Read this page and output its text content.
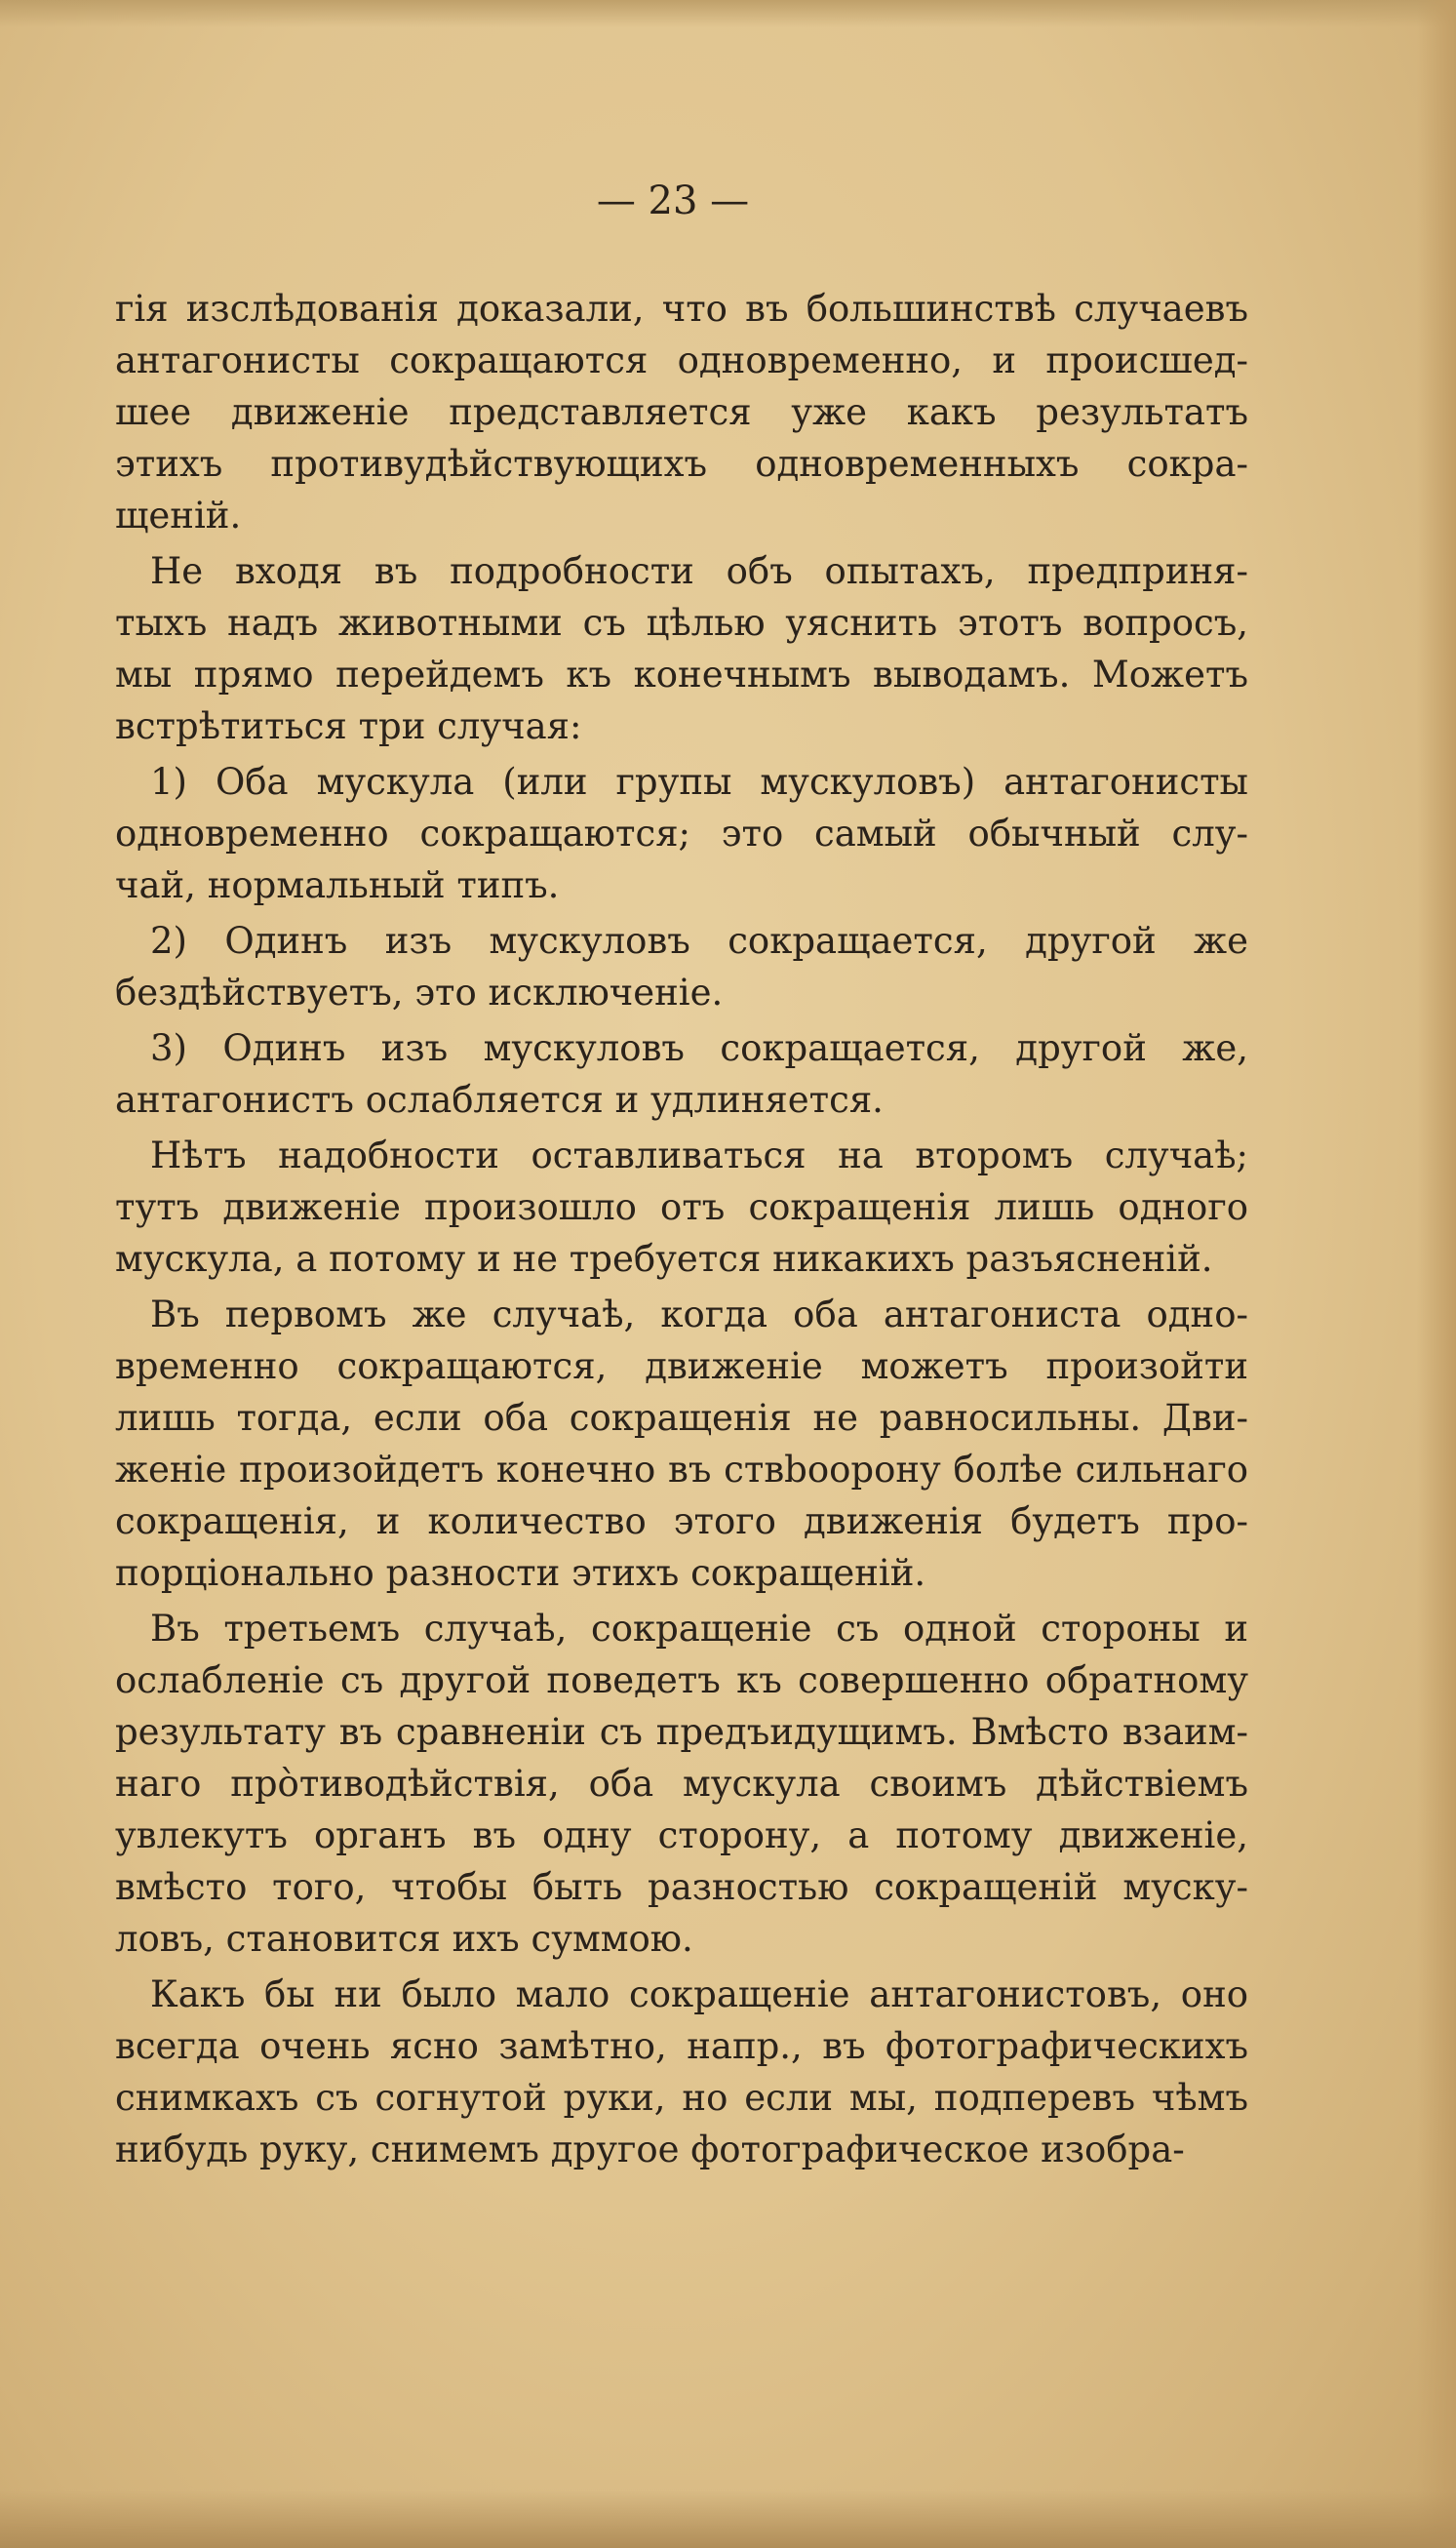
— 23 —
гія изслѣдованія доказали, что въ большинствѣ случаевъ
антагонисты сокращаются одновременно, и происшед-
шее движеніе представляется уже какъ результатъ
этихъ противудѣйствующихъ одновременныхъ сокра-
щеній.
Не входя въ подробности объ опытахъ, предприня-
тыхъ надъ животными съ цѣлью уяснить этотъ вопросъ,
мы прямо перейдемъ къ конечнымъ выводамъ. Можетъ
встрѣтиться три случая:
1) Оба мускула (или групы мускуловъ) антагонисты
одновременно сокращаются; это самый обычный слу-
чай, нормальный типъ.
2) Одинъ изъ мускуловъ сокращается, другой же
бездѣйствуетъ, это исключеніе.
3) Одинъ изъ мускуловъ сокращается, другой же,
антагонистъ ослабляется и удлиняется.
Нѣтъ надобности оставливаться на второмъ случаѣ;
тутъ движеніе произошло отъ сокращенія лишь одного
мускула, а потому и не требуется никакихъ разъясненій.
Въ первомъ же случаѣ, когда оба антагониста одно-
временно сокращаются, движеніе можетъ произойти
лишь тогда, если оба сокращенія не равносильны. Дви-
женіе произойдетъ конечно въ ствbooрону болѣе сильнаго
сокращенія, и количество этого движенія будетъ про-
порціонально разности этихъ сокращеній.
Въ третьемъ случаѣ, сокращеніе съ одной стороны и
ослабленіе съ другой поведетъ къ совершенно обратному
результату въ сравненіи съ предъидущимъ. Вмѣсто взаим-
наго прòтиводѣйствія, оба мускула своимъ дѣйствіемъ
увлекутъ органъ въ одну сторону, а потому движеніе,
вмѣсто того, чтобы быть разностью сокращеній муску-
ловъ, становится ихъ суммою.
Какъ бы ни было мало сокращеніе антагонистовъ, оно
всегда очень ясно замѣтно, напр., въ фотографическихъ
снимкахъ съ согнутой руки, но если мы, подперевъ чѣмъ
нибудь руку, снимемъ другое фотографическое изобра-
